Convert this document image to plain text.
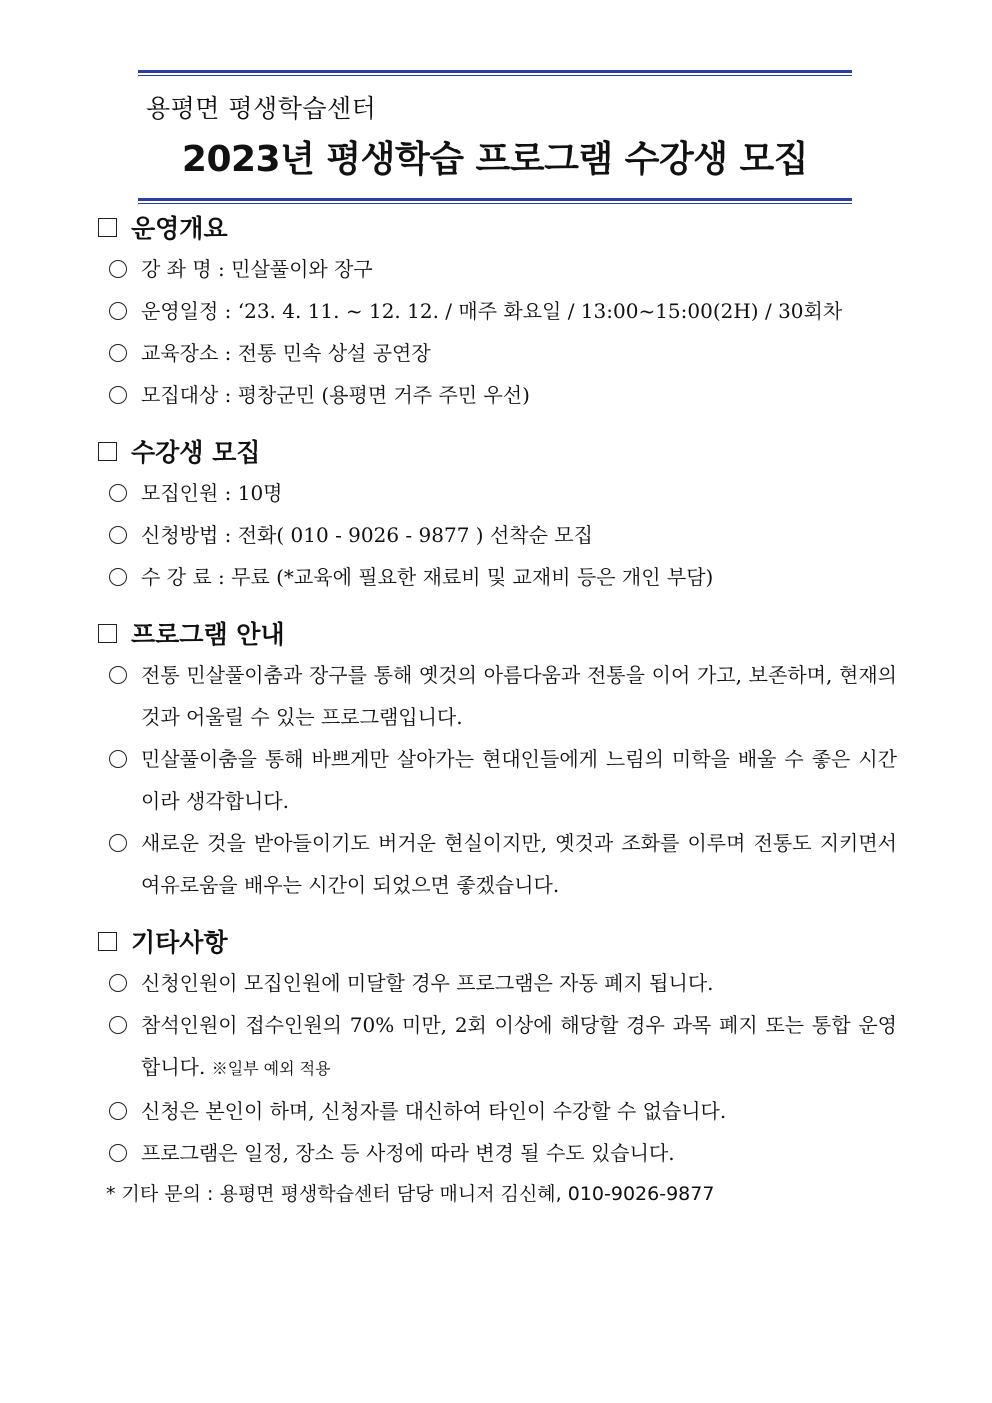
용평면 평생학습센터
2023년 평생학습 프로그램 수강생 모집
운영개요
강 좌 명 : 민살풀이와 장구
운영일정 : ‘23. 4. 11. ~ 12. 12. / 매주 화요일 / 13:00~15:00(2H) / 30회차
교육장소 : 전통 민속 상설 공연장
모집대상 : 평창군민 (용평면 거주 주민 우선)
수강생 모집
모집인원 : 10명
신청방법 : 전화( 010 - 9026 - 9877 ) 선착순 모집
수 강 료 : 무료 (*교육에 필요한 재료비 및 교재비 등은 개인 부담)
프로그램 안내
전통 민살풀이춤과 장구를 통해 옛것의 아름다움과 전통을 이어 가고, 보존하며, 현재의 것과 어울릴 수 있는 프로그램입니다.
민살풀이춤을 통해 바쁘게만 살아가는 현대인들에게 느림의 미학을 배울 수 좋은 시간이라 생각합니다.
새로운 것을 받아들이기도 버거운 현실이지만, 옛것과 조화를 이루며 전통도 지키면서 여유로움을 배우는 시간이 되었으면 좋겠습니다.
기타사항
신청인원이 모집인원에 미달할 경우 프로그램은 자동 폐지 됩니다.
참석인원이 접수인원의 70% 미만, 2회 이상에 해당할 경우 과목 폐지 또는 통합 운영 합니다. ※일부 예외 적용
신청은 본인이 하며, 신청자를 대신하여 타인이 수강할 수 없습니다.
프로그램은 일정, 장소 등 사정에 따라 변경 될 수도 있습니다.
* 기타 문의 : 용평면 평생학습센터 담당 매니저 김신혜, 010-9026-9877
